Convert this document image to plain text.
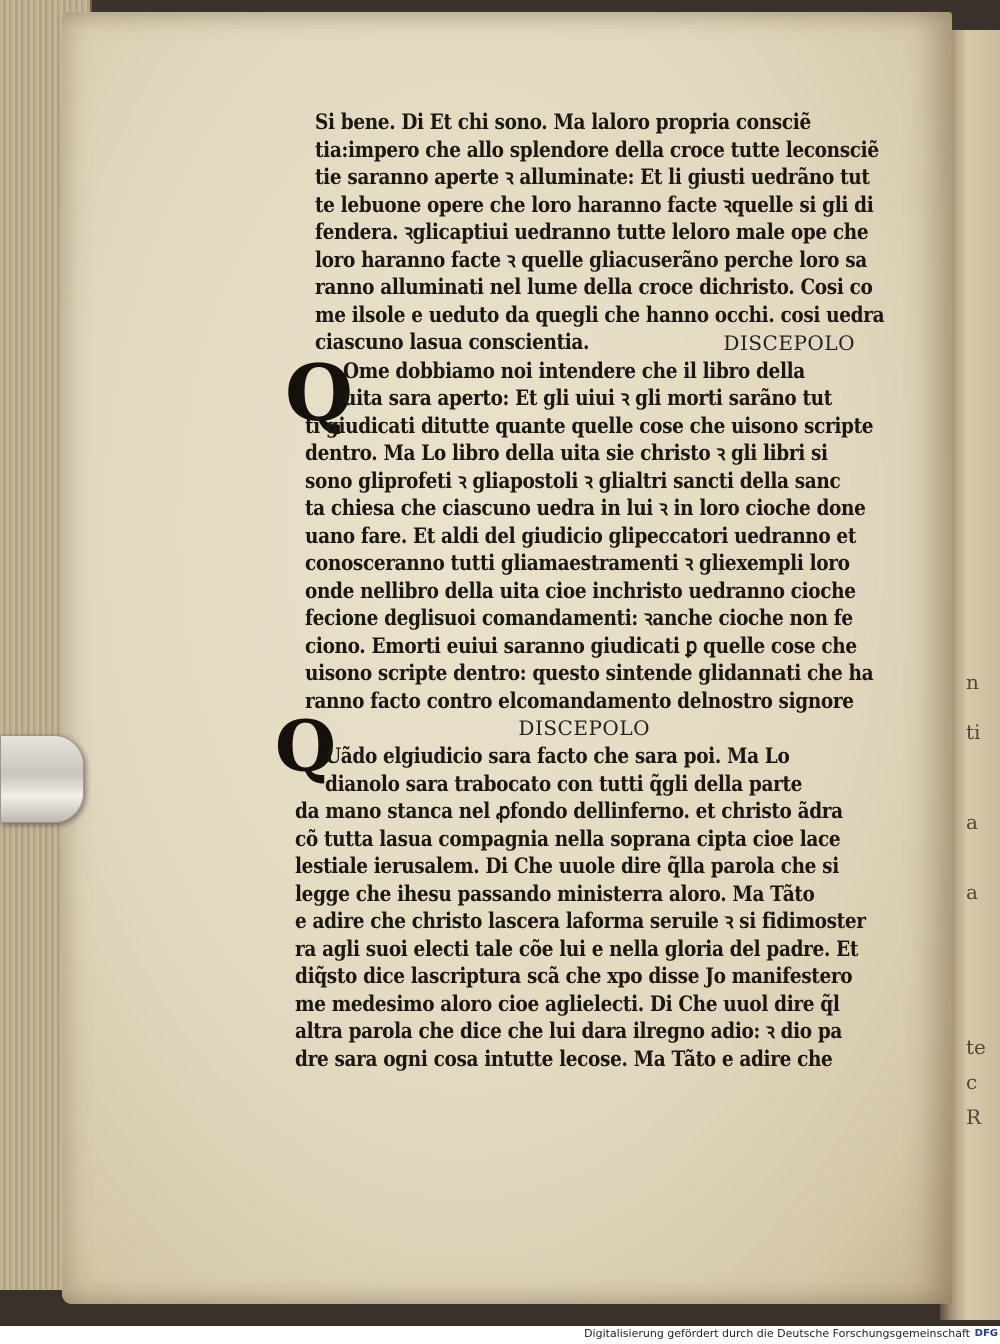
n
ti
a
a
te
c
R
Si bene. Di Et chi sono. Ma laloro propria consciẽ
tia:impero che allo splendore della croce tutte leconsciẽ
tie saranno aperte ꝛ alluminate: Et li giusti uedrãno tut
te lebuone opere che loro haranno facte ꝛquelle si gli di
fendera. ꝛglicaptiui uedranno tutte leloro male ope che
loro haranno facte ꝛ quelle gliacuserãno perche loro sa
ranno alluminati nel lume della croce dichristo. Cosi co
me ilsole e ueduto da quegli che hanno occhi. cosi uedra
ciascuno lasua conscientia.	DISCEPOLO
Q
Ome dobbiamo noi intendere che il libro della
uita sara aperto: Et gli uiui ꝛ gli morti sarãno tut
ti giudicati ditutte quante quelle cose che uisono scripte
dentro. Ma Lo libro della uita sie christo ꝛ gli libri si
sono gliprofeti ꝛ gliapostoli ꝛ glialtri sancti della sanc
ta chiesa che ciascuno uedra in lui ꝛ in loro cioche done
uano fare. Et aldi del giudicio glipeccatori uedranno et
conosceranno tutti gliamaestramenti ꝛ gliexempli loro
onde nellibro della uita cioe inchristo uedranno cioche
fecione deglisuoi comandamenti: ꝛanche cioche non fe
ciono. Emorti euiui saranno giudicati ꝑ quelle cose che
uisono scripte dentro: questo sintende glidannati che ha
ranno facto contro elcomandamento delnostro signore
DISCEPOLO
Q
Uãdo elgiudicio sara facto che sara poi. Ma Lo
dianolo sara trabocato con tutti q̃gli della parte
da mano stanca nel ꝓfondo dellinferno. et christo ãdra
cõ tutta lasua compagnia nella soprana cipta cioe lace
lestiale ierusalem. Di Che uuole dire q̃lla parola che si
legge che ihesu passando ministerra aloro. Ma Tãto
e adire che christo lascera laforma seruile ꝛ si fidimoster
ra agli suoi electi tale cõe lui e nella gloria del padre. Et
diq̃sto dice lascriptura scã che xpo disse Jo manifestero
me medesimo aloro cioe aglielecti. Di Che uuol dire q̃l
altra parola che dice che lui dara ilregno adio: ꝛ dio pa
dre sara ogni cosa intutte lecose. Ma Tãto e adire che
Digitalisierung gefördert durch die Deutsche Forschungsgemeinschaft DFG
